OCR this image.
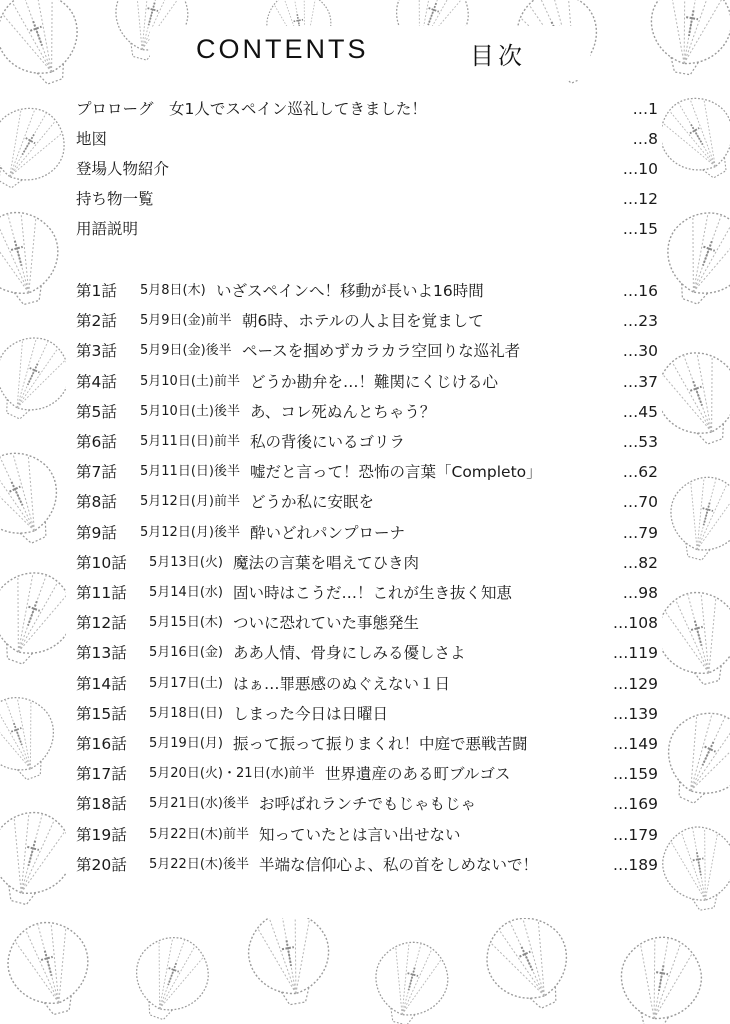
CONTENTS	目次
プロローグ　女1人でスペイン巡礼してきました！	…1
地図	…8
登場人物紹介	…10
持ち物一覧	…12
用語説明	…15
第1話 5月8日(木) いざスペインへ！移動が長いよ16時間	…16
第2話 5月9日(金)前半 朝6時、ホテルの人よ目を覚まして	…23
第3話 5月9日(金)後半 ペースを掴めずカラカラ空回りな巡礼者	…30
第4話 5月10日(土)前半 どうか勘弁を…！難関にくじける心	…37
第5話 5月10日(土)後半 あ、コレ死ぬんとちゃう？	…45
第6話 5月11日(日)前半 私の背後にいるゴリラ	…53
第7話 5月11日(日)後半 嘘だと言って！恐怖の言葉「Completo」	…62
第8話 5月12日(月)前半 どうか私に安眠を	…70
第9話 5月12日(月)後半 酔いどれパンプローナ	…79
第10話 5月13日(火) 魔法の言葉を唱えてひき肉	…82
第11話 5月14日(水) 固い時はこうだ…！これが生き抜く知恵	…98
第12話 5月15日(木) ついに恐れていた事態発生	…108
第13話 5月16日(金) ああ人情、骨身にしみる優しさよ	…119
第14話 5月17日(土) はぁ…罪悪感のぬぐえない１日	…129
第15話 5月18日(日) しまった今日は日曜日	…139
第16話 5月19日(月) 振って振って振りまくれ！中庭で悪戦苦闘	…149
第17話 5月20日(火)・21日(水)前半 世界遺産のある町ブルゴス	…159
第18話 5月21日(水)後半 お呼ばれランチでもじゃもじゃ	…169
第19話 5月22日(木)前半 知っていたとは言い出せない	…179
第20話 5月22日(木)後半 半端な信仰心よ、私の首をしめないで！	…189
